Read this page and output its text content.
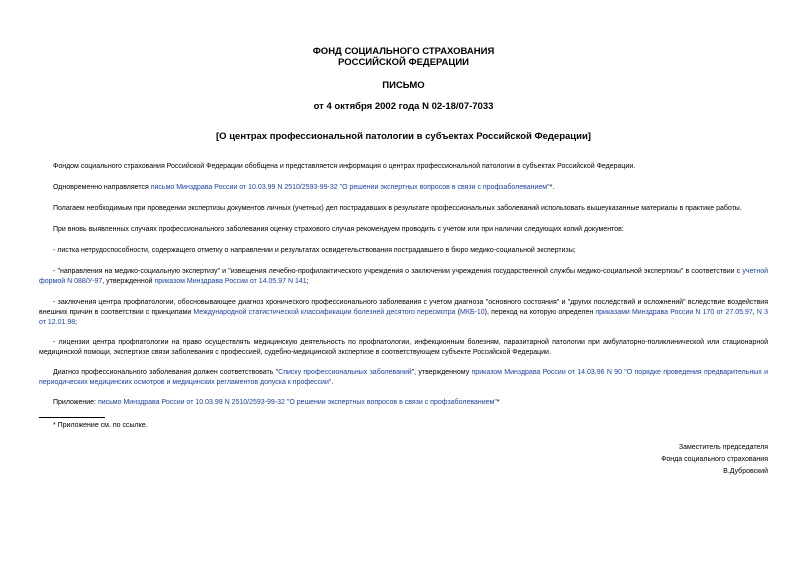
ФОНД СОЦИАЛЬНОГО СТРАХОВАНИЯ
РОССИЙСКОЙ ФЕДЕРАЦИИ
ПИСЬМО
от 4 октября 2002 года N 02-18/07-7033
[О центрах профессиональной патологии в субъектах Российской Федерации]
Фондом социального страхования Российской Федерации обобщена и представляется информация о центрах профессиональной патологии в субъектах Российской Федерации.
Одновременно направляется письмо Минздрава России от 10.03.99 N 2510/2593-99-32 "О решении экспертных вопросов в связи с профзаболеванием"*.
Полагаем необходимым при проведении экспертизы документов личных (учетных) дел пострадавших в результате профессиональных заболеваний использовать вышеуказанные материалы в практике работы.
При вновь выявленных случаях профессионального заболевания оценку страхового случая рекомендуем проводить с учетом или при наличии следующих копий документов:
- листка нетрудоспособности, содержащего отметку о направлении и результатах освидетельствования пострадавшего в бюро медико-социальной экспертизы;
- "направления на медико-социальную экспертизу" и "извещения лечебно-профилактического учреждения о заключении учреждения государственной службы медико-социальной экспертизы" в соответствии с учетной формой N 088/У-97, утвержденной приказом Минздрава России от 14.05.97 N 141;
- заключения центра профпатологии, обосновывающее диагноз хронического профессионального заболевания с учетом диагноза "основного состояния" и "других последствий и осложнений" вследствие воздействия внешних причин в соответствии с принципами Международной статистической классификации болезней десятого пересмотра (МКБ-10), переход на которую определен приказами Минздрава России N 170 от 27.05.97, N 3 от 12.01.98;
- лицензии центра профпатологии на право осуществлять медицинскую деятельность по профпатологии, инфекционным болезням, паразитарной патологии при амбулаторно-поликлинической или стационарной медицинской помощи, экспертизе связи заболевания с профессией, судебно-медицинской экспертизе в соответствующем субъекте Российской Федерации.
Диагноз профессионального заболевания должен соответствовать "Списку профессиональных заболеваний", утвержденному приказом Минздрава России от 14.03.96 N 90 "О порядке проведения предварительных и периодических медицинских осмотров и медицинских регламентов допуска к профессии".
Приложение: письмо Минздрава России от 10.03.99 N 2510/2593-99-32 "О решении экспертных вопросов в связи с профзаболеванием"*
* Приложение см. по ссылке.
Заместитель председателя
Фонда социального страхования
В.Дубровский
